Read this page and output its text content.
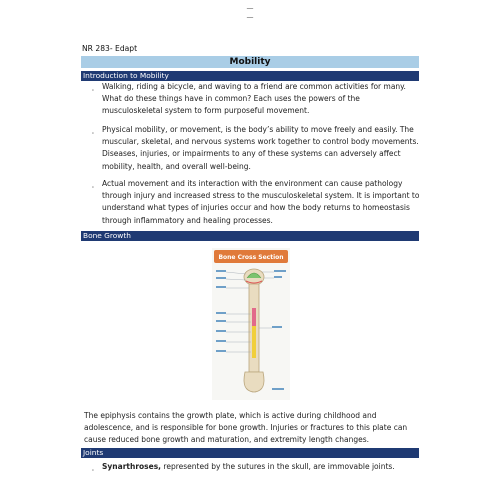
—
—
NR 283- Edapt
Mobility
Introduction to Mobility
ˌ Walking, riding a bicycle, and waving to a friend are common activities for many. What do these things have in common? Each uses the powers of the musculoskeletal system to form purposeful movement.
ˌ Physical mobility, or movement, is the body’s ability to move freely and easily. The muscular, skeletal, and nervous systems work together to control body movements. Diseases, injuries, or impairments to any of these systems can adversely affect mobility, health, and overall well-being.
ˌ Actual movement and its interaction with the environment can cause pathology through injury and increased stress to the musculoskeletal system. It is important to understand what types of injuries occur and how the body returns to homeostasis through inflammatory and healing processes.
Bone Growth
Bone Cross Section
The epiphysis contains the growth plate, which is active during childhood and adolescence, and is responsible for bone growth. Injuries or fractures to this plate can cause reduced bone growth and maturation, and extremity length changes.
Joints
ˌ Synarthroses, represented by the sutures in the skull, are immovable joints.
